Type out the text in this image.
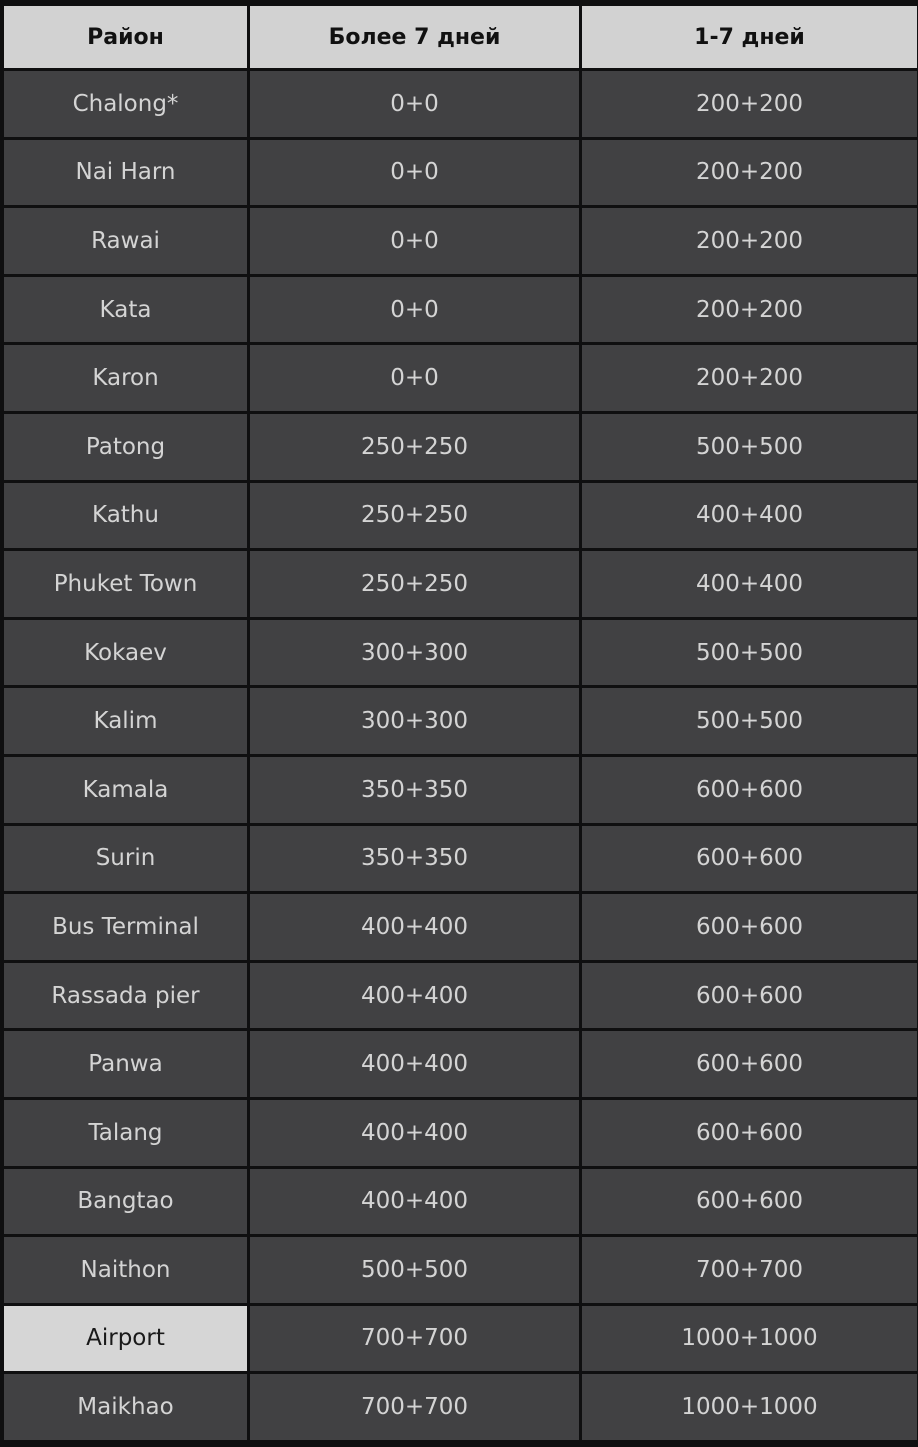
Район	Более 7 дней	1-7 дней
Chalong*	0+0	200+200
Nai Harn	0+0	200+200
Rawai	0+0	200+200
Kata	0+0	200+200
Karon	0+0	200+200
Patong	250+250	500+500
Kathu	250+250	400+400
Phuket Town	250+250	400+400
Kokaev	300+300	500+500
Kalim	300+300	500+500
Kamala	350+350	600+600
Surin	350+350	600+600
Bus Terminal	400+400	600+600
Rassada pier	400+400	600+600
Panwa	400+400	600+600
Talang	400+400	600+600
Bangtao	400+400	600+600
Naithon	500+500	700+700
Airport	700+700	1000+1000
Maikhao	700+700	1000+1000
